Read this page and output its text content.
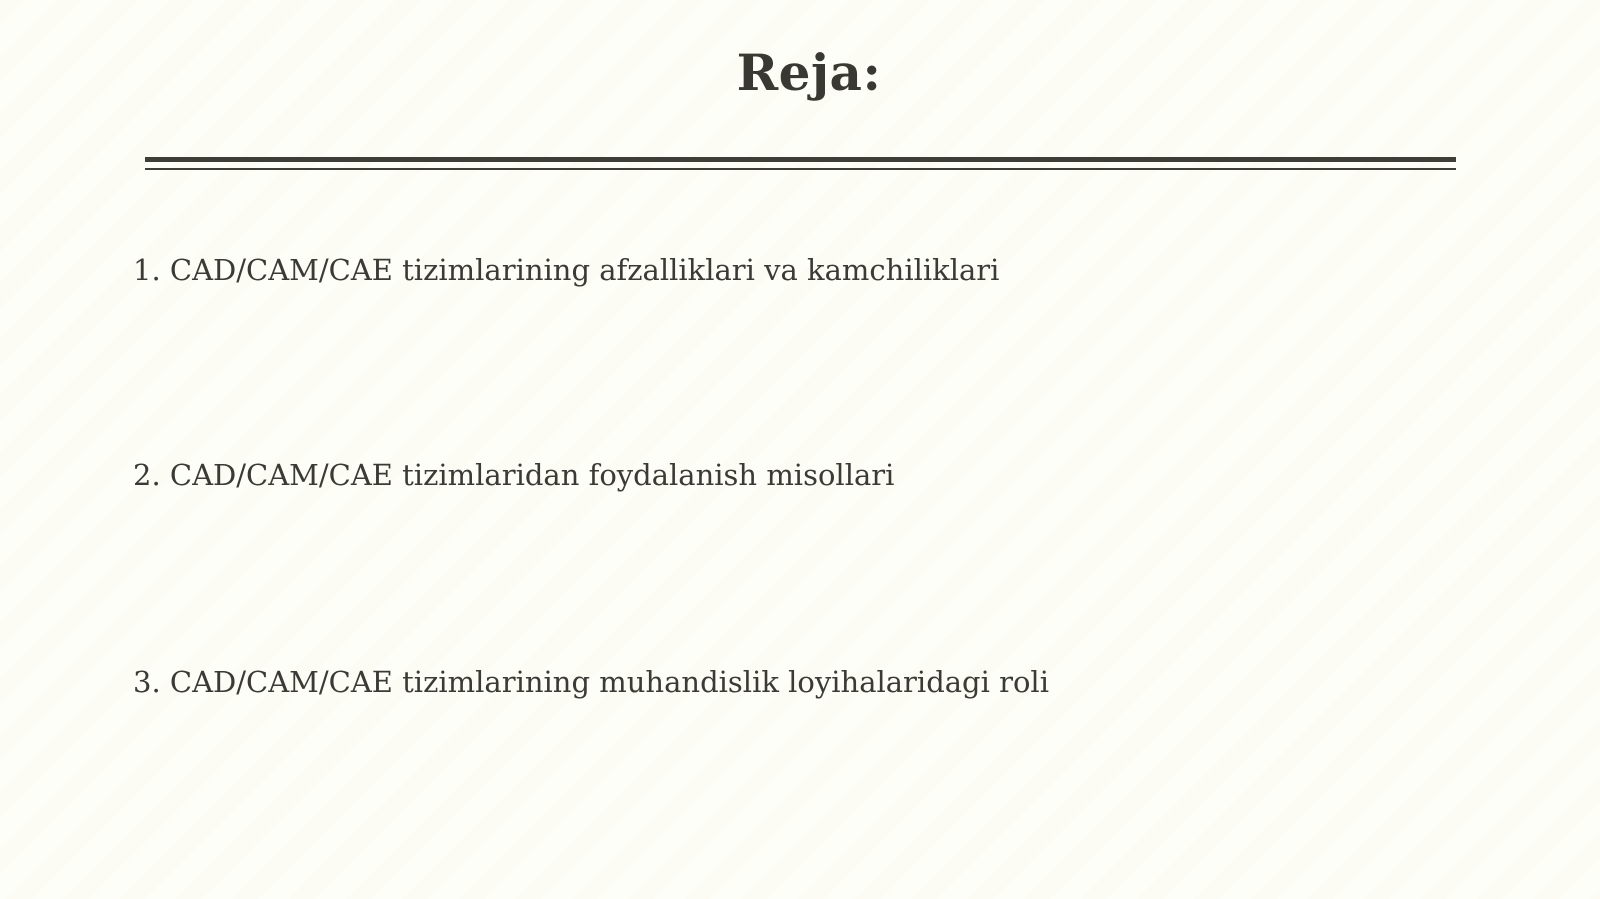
Reja:
1. CAD/CAM/CAE tizimlarining afzalliklari va kamchiliklari
2. CAD/CAM/CAE tizimlaridan foydalanish misollari
3. CAD/CAM/CAE tizimlarining muhandislik loyihalaridagi roli
